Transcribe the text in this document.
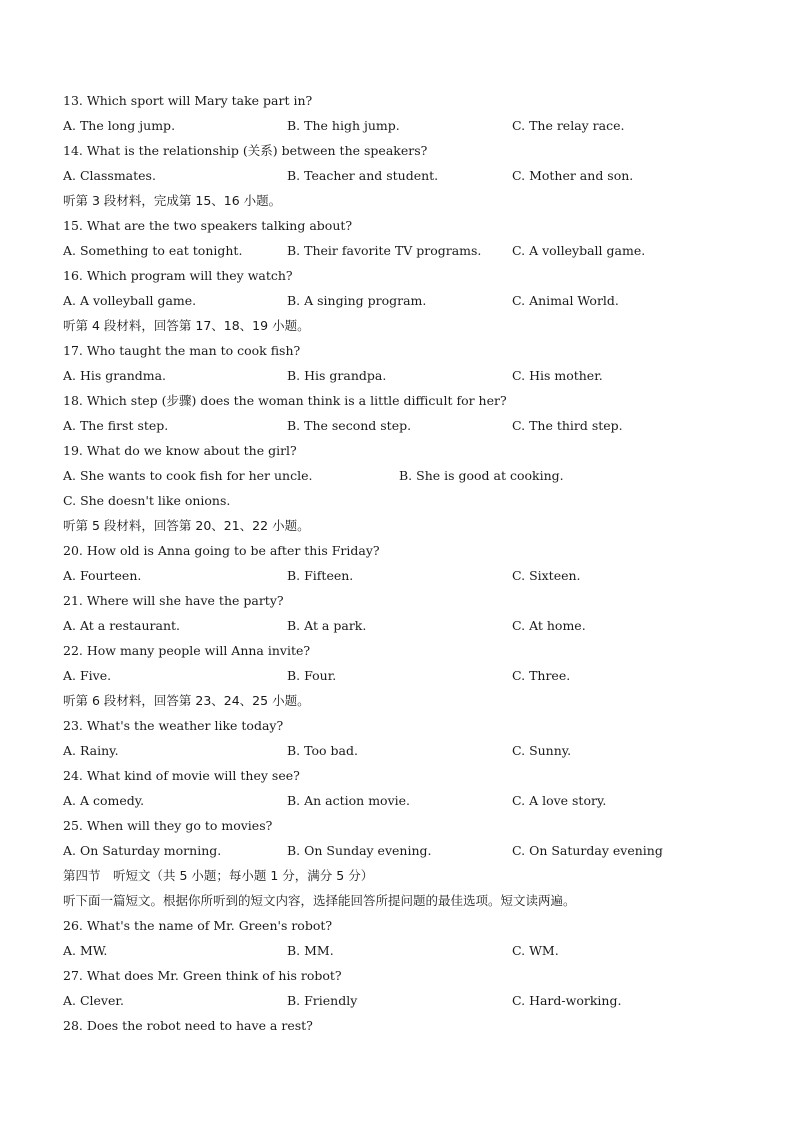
13. Which sport will Mary take part in?
A. The long jump.	B. The high jump.	C. The relay race.
14. What is the relationship (关系) between the speakers?
A. Classmates.	B. Teacher and student.	C. Mother and son.
听第 3 段材料，完成第 15、16 小题。
15. What are the two speakers talking about?
A. Something to eat tonight.	B. Their favorite TV programs. C. A volleyball game.
16. Which program will they watch?
A. A volleyball game.	B. A singing program.	C. Animal World.
听第 4 段材料，回答第 17、18、19 小题。
17. Who taught the man to cook fish?
A. His grandma.	B. His grandpa.	C. His mother.
18. Which step (步骤) does the woman think is a little difficult for her?
A. The first step.	B. The second step.	C. The third step.
19. What do we know about the girl?
A. She wants to cook fish for her uncle.	B. She is good at cooking.
C. She doesn't like onions.
听第 5 段材料，回答第 20、21、22 小题。
20. How old is Anna going to be after this Friday?
A. Fourteen.	B. Fifteen.	C. Sixteen.
21. Where will she have the party?
A. At a restaurant.	B. At a park.	C. At home.
22. How many people will Anna invite?
A. Five.	B. Four.	C. Three.
听第 6 段材料，回答第 23、24、25 小题。
23. What's the weather like today?
A. Rainy.	B. Too bad.	C. Sunny.
24. What kind of movie will they see?
A. A comedy.	B. An action movie.	C. A love story.
25. When will they go to movies?
A. On Saturday morning.	B. On Sunday evening.	C. On Saturday evening
第四节　听短文（共 5 小题；每小题 1 分，满分 5 分）
听下面一篇短文。根据你所听到的短文内容，选择能回答所提问题的最佳选项。短文读两遍。
26. What's the name of Mr. Green's robot?
A. MW.	B. MM.	C. WM.
27. What does Mr. Green think of his robot?
A. Clever.	B. Friendly	C. Hard-working.
28. Does the robot need to have a rest?
